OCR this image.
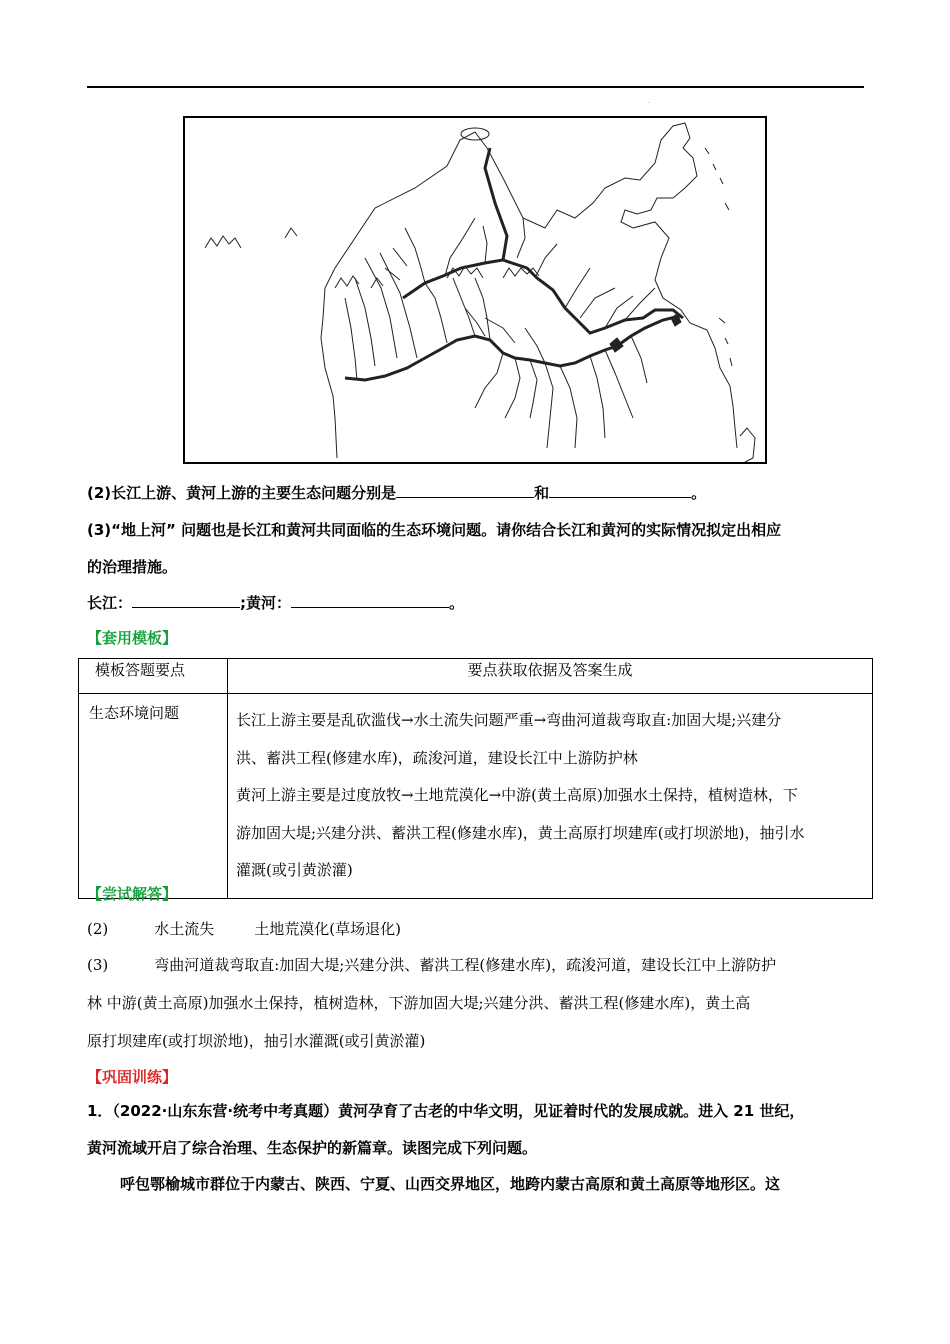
·
(2)长江上游、黄河上游的主要生态问题分别是	和	。
(3)“地上河” 问题也是长江和黄河共同面临的生态环境问题。请你结合长江和黄河的实际情况拟定出相应
的治理措施。
长江：	;黄河：	。
【套用模板】
模板答题要点	要点获取依据及答案生成
生态环境问题	长江上游主要是乱砍滥伐→水土流失问题严重→弯曲河道裁弯取直:加固大堤;兴建分
洪、蓄洪工程(修建水库)，疏浚河道，建设长江中上游防护林
黄河上游主要是过度放牧→土地荒漠化→中游(黄土高原)加强水土保持，植树造林，下
游加固大堤;兴建分洪、蓄洪工程(修建水库)，黄土高原打坝建库(或打坝淤地)，抽引水
灌溉(或引黄淤灌)
【尝试解答】
(2)	水土流失	土地荒漠化(草场退化)
(3)	弯曲河道裁弯取直:加固大堤;兴建分洪、蓄洪工程(修建水库)，疏浚河道，建设长江中上游防护
林 中游(黄土高原)加强水土保持，植树造林，下游加固大堤;兴建分洪、蓄洪工程(修建水库)，黄土高
原打坝建库(或打坝淤地)，抽引水灌溉(或引黄淤灌)
【巩固训练】
1．（2022·山东东营·统考中考真题）黄河孕育了古老的中华文明，见证着时代的发展成就。进入 21 世纪，
黄河流域开启了综合治理、生态保护的新篇章。读图完成下列问题。
呼包鄂榆城市群位于内蒙古、陕西、宁夏、山西交界地区，地跨内蒙古高原和黄土高原等地形区。这
